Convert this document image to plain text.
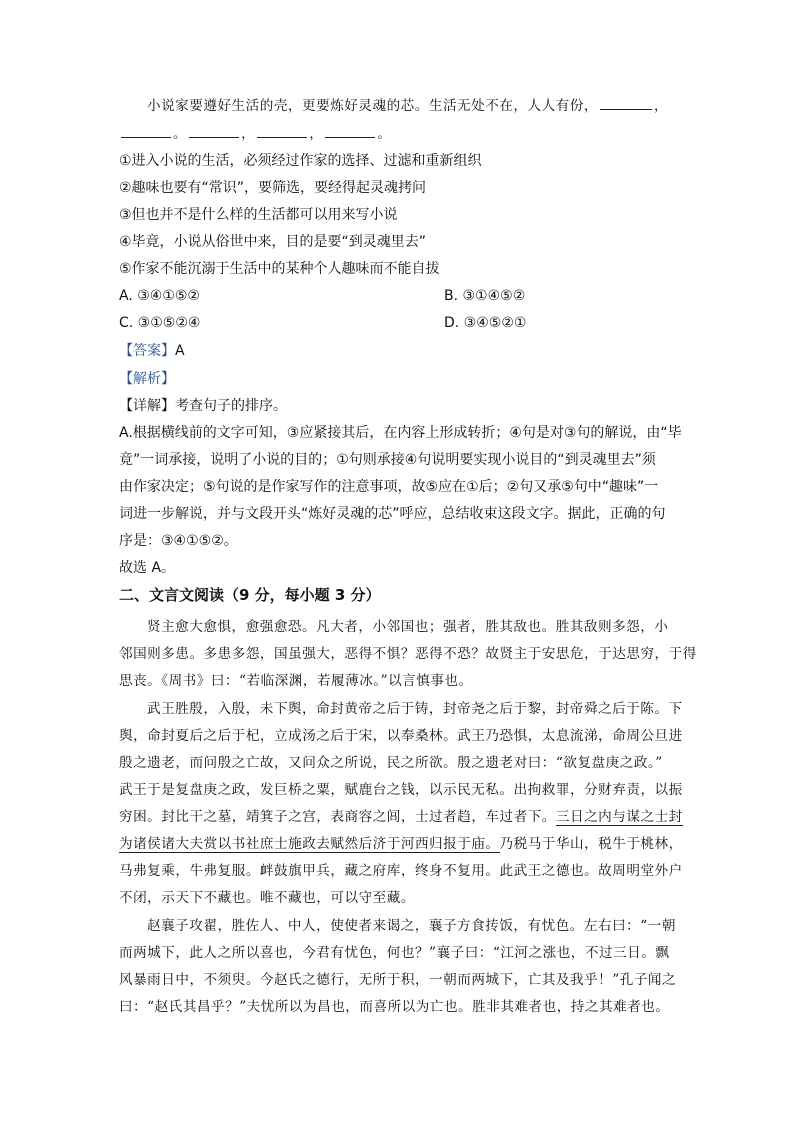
小说家要遵好生活的壳，更要炼好灵魂的芯。生活无处不在，人人有份，	，
。	，	，	。
①进入小说的生活，必须经过作家的选择、过滤和重新组织
②趣味也要有“常识”，要筛选，要经得起灵魂拷问
③但也并不是什么样的生活都可以用来写小说
④毕竟，小说从俗世中来，目的是要“到灵魂里去”
⑤作家不能沉溺于生活中的某种个人趣味而不能自拔
A. ③④①⑤②	B. ③①④⑤②
C. ③①⑤②④	D. ③④⑤②①
【答案】A
【解析】
【详解】考查句子的排序。
A.根据横线前的文字可知，③应紧接其后，在内容上形成转折；④句是对③句的解说，由“毕
竟”一词承接，说明了小说的目的；①句则承接④句说明要实现小说目的“到灵魂里去”须
由作家决定；⑤句说的是作家写作的注意事项，故⑤应在①后；②句又承⑤句中“趣味”一
词进一步解说，并与文段开头“炼好灵魂的芯”呼应，总结收束这段文字。据此，正确的句
序是：③④①⑤②。
故选 A。
二、文言文阅读（9 分，每小题 3 分）
贤主愈大愈惧，愈强愈恐。凡大者，小邻国也；强者，胜其敌也。胜其敌则多怨，小
邻国则多患。多患多怨，国虽强大，恶得不惧？恶得不恐？故贤主于安思危，于达思穷，于得
思丧。《周书》曰：“若临深渊，若履薄冰。”以言慎事也。
武王胜殷，入殷，未下舆，命封黄帝之后于铸，封帝尧之后于黎，封帝舜之后于陈。下
舆，命封夏后之后于杞，立成汤之后于宋，以奉桑林。武王乃恐惧，太息流涕，命周公旦进
殷之遗老，而问殷之亡故，又问众之所说，民之所欲。殷之遗老对曰：“欲复盘庚之政。”
武王于是复盘庚之政，发巨桥之粟，赋鹿台之钱，以示民无私。出拘救罪，分财弃责，以振
穷困。封比干之墓，靖箕子之宫，表商容之闾，士过者趋，车过者下。三日之内与谋之士封
为诸侯诸大夫赏以书社庶士施政去赋然后济于河西归报于庙。乃税马于华山，税牛于桃林，
马弗复乘，牛弗复服。衅鼓旗甲兵，藏之府库，终身不复用。此武王之德也。故周明堂外户
不闭，示天下不藏也。唯不藏也，可以守至藏。
赵襄子攻翟，胜佐人、中人，使使者来谒之，襄子方食抟饭，有忧色。左右曰：“一朝
而两城下，此人之所以喜也，今君有忧色，何也？”襄子曰：“江河之涨也，不过三日。飘
风暴雨日中，不须臾。今赵氏之德行，无所于积，一朝而两城下，亡其及我乎！”孔子闻之
曰：“赵氏其昌乎？”夫忧所以为昌也，而喜所以为亡也。胜非其难者也，持之其难者也。
